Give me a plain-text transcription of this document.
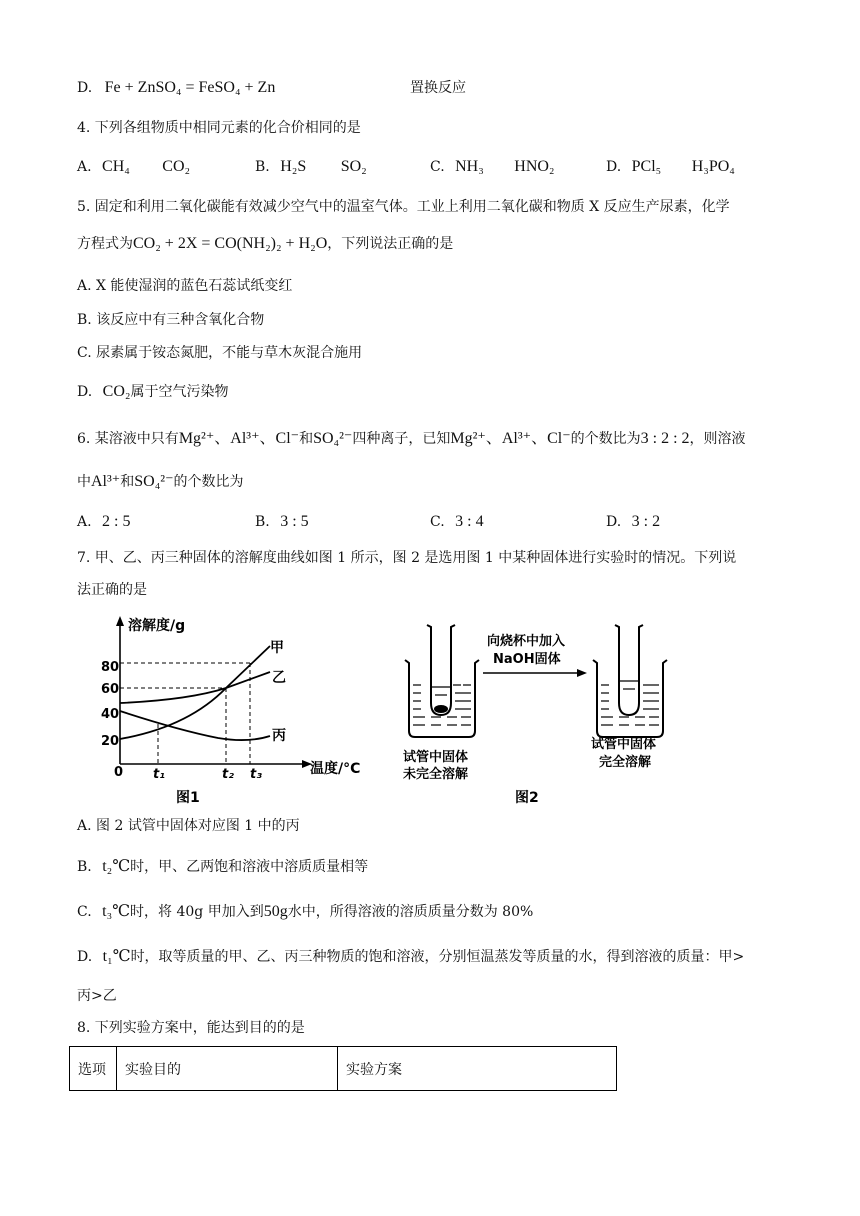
D. Fe + ZnSO₄ = FeSO₄ + Zn	置换反应
4. 下列各组物质中相同元素的化合价相同的是
A. CH₄ CO₂	B. H₂S SO₂	C. NH₃ HNO₂	D. PCl₅ H₃PO₄
5. 固定和利用二氧化碳能有效减少空气中的温室气体。工业上利用二氧化碳和物质 X 反应生产尿素，化学
方程式为CO₂ + 2X = CO(NH₂)₂ + H₂O，下列说法正确的是
A. X 能使湿润的蓝色石蕊试纸变红
B. 该反应中有三种含氧化合物
C. 尿素属于铵态氮肥，不能与草木灰混合施用
D. CO₂属于空气污染物
6. 某溶液中只有Mg²⁺、Al³⁺、Cl⁻和SO₄²⁻四种离子，已知Mg²⁺、Al³⁺、Cl⁻的个数比为3 : 2 : 2，则溶液
中Al³⁺和SO₄²⁻的个数比为
A. 2 : 5	B. 3 : 5	C. 3 : 4	D. 3 : 2
7. 甲、乙、丙三种固体的溶解度曲线如图 1 所示，图 2 是选用图 1 中某种固体进行实验时的情况。下列说
法正确的是
溶解度/g
温度/°C
80
60
40
20
0 t₁	t₂ t₃
甲
乙
丙
图1
向烧杯中加入
NaOH固体
试管中固体
未完全溶解
试管中固体
完全溶解
图2
A. 图 2 试管中固体对应图 1 中的丙
B. t₂℃时，甲、乙两饱和溶液中溶质质量相等
C. t₃℃时，将 40g 甲加入到50g水中，所得溶液的溶质质量分数为 80%
D. t₁℃时，取等质量的甲、乙、丙三种物质的饱和溶液，分别恒温蒸发等质量的水，得到溶液的质量：甲>
丙>乙
8. 下列实验方案中，能达到目的的是
选项	实验目的	实验方案
